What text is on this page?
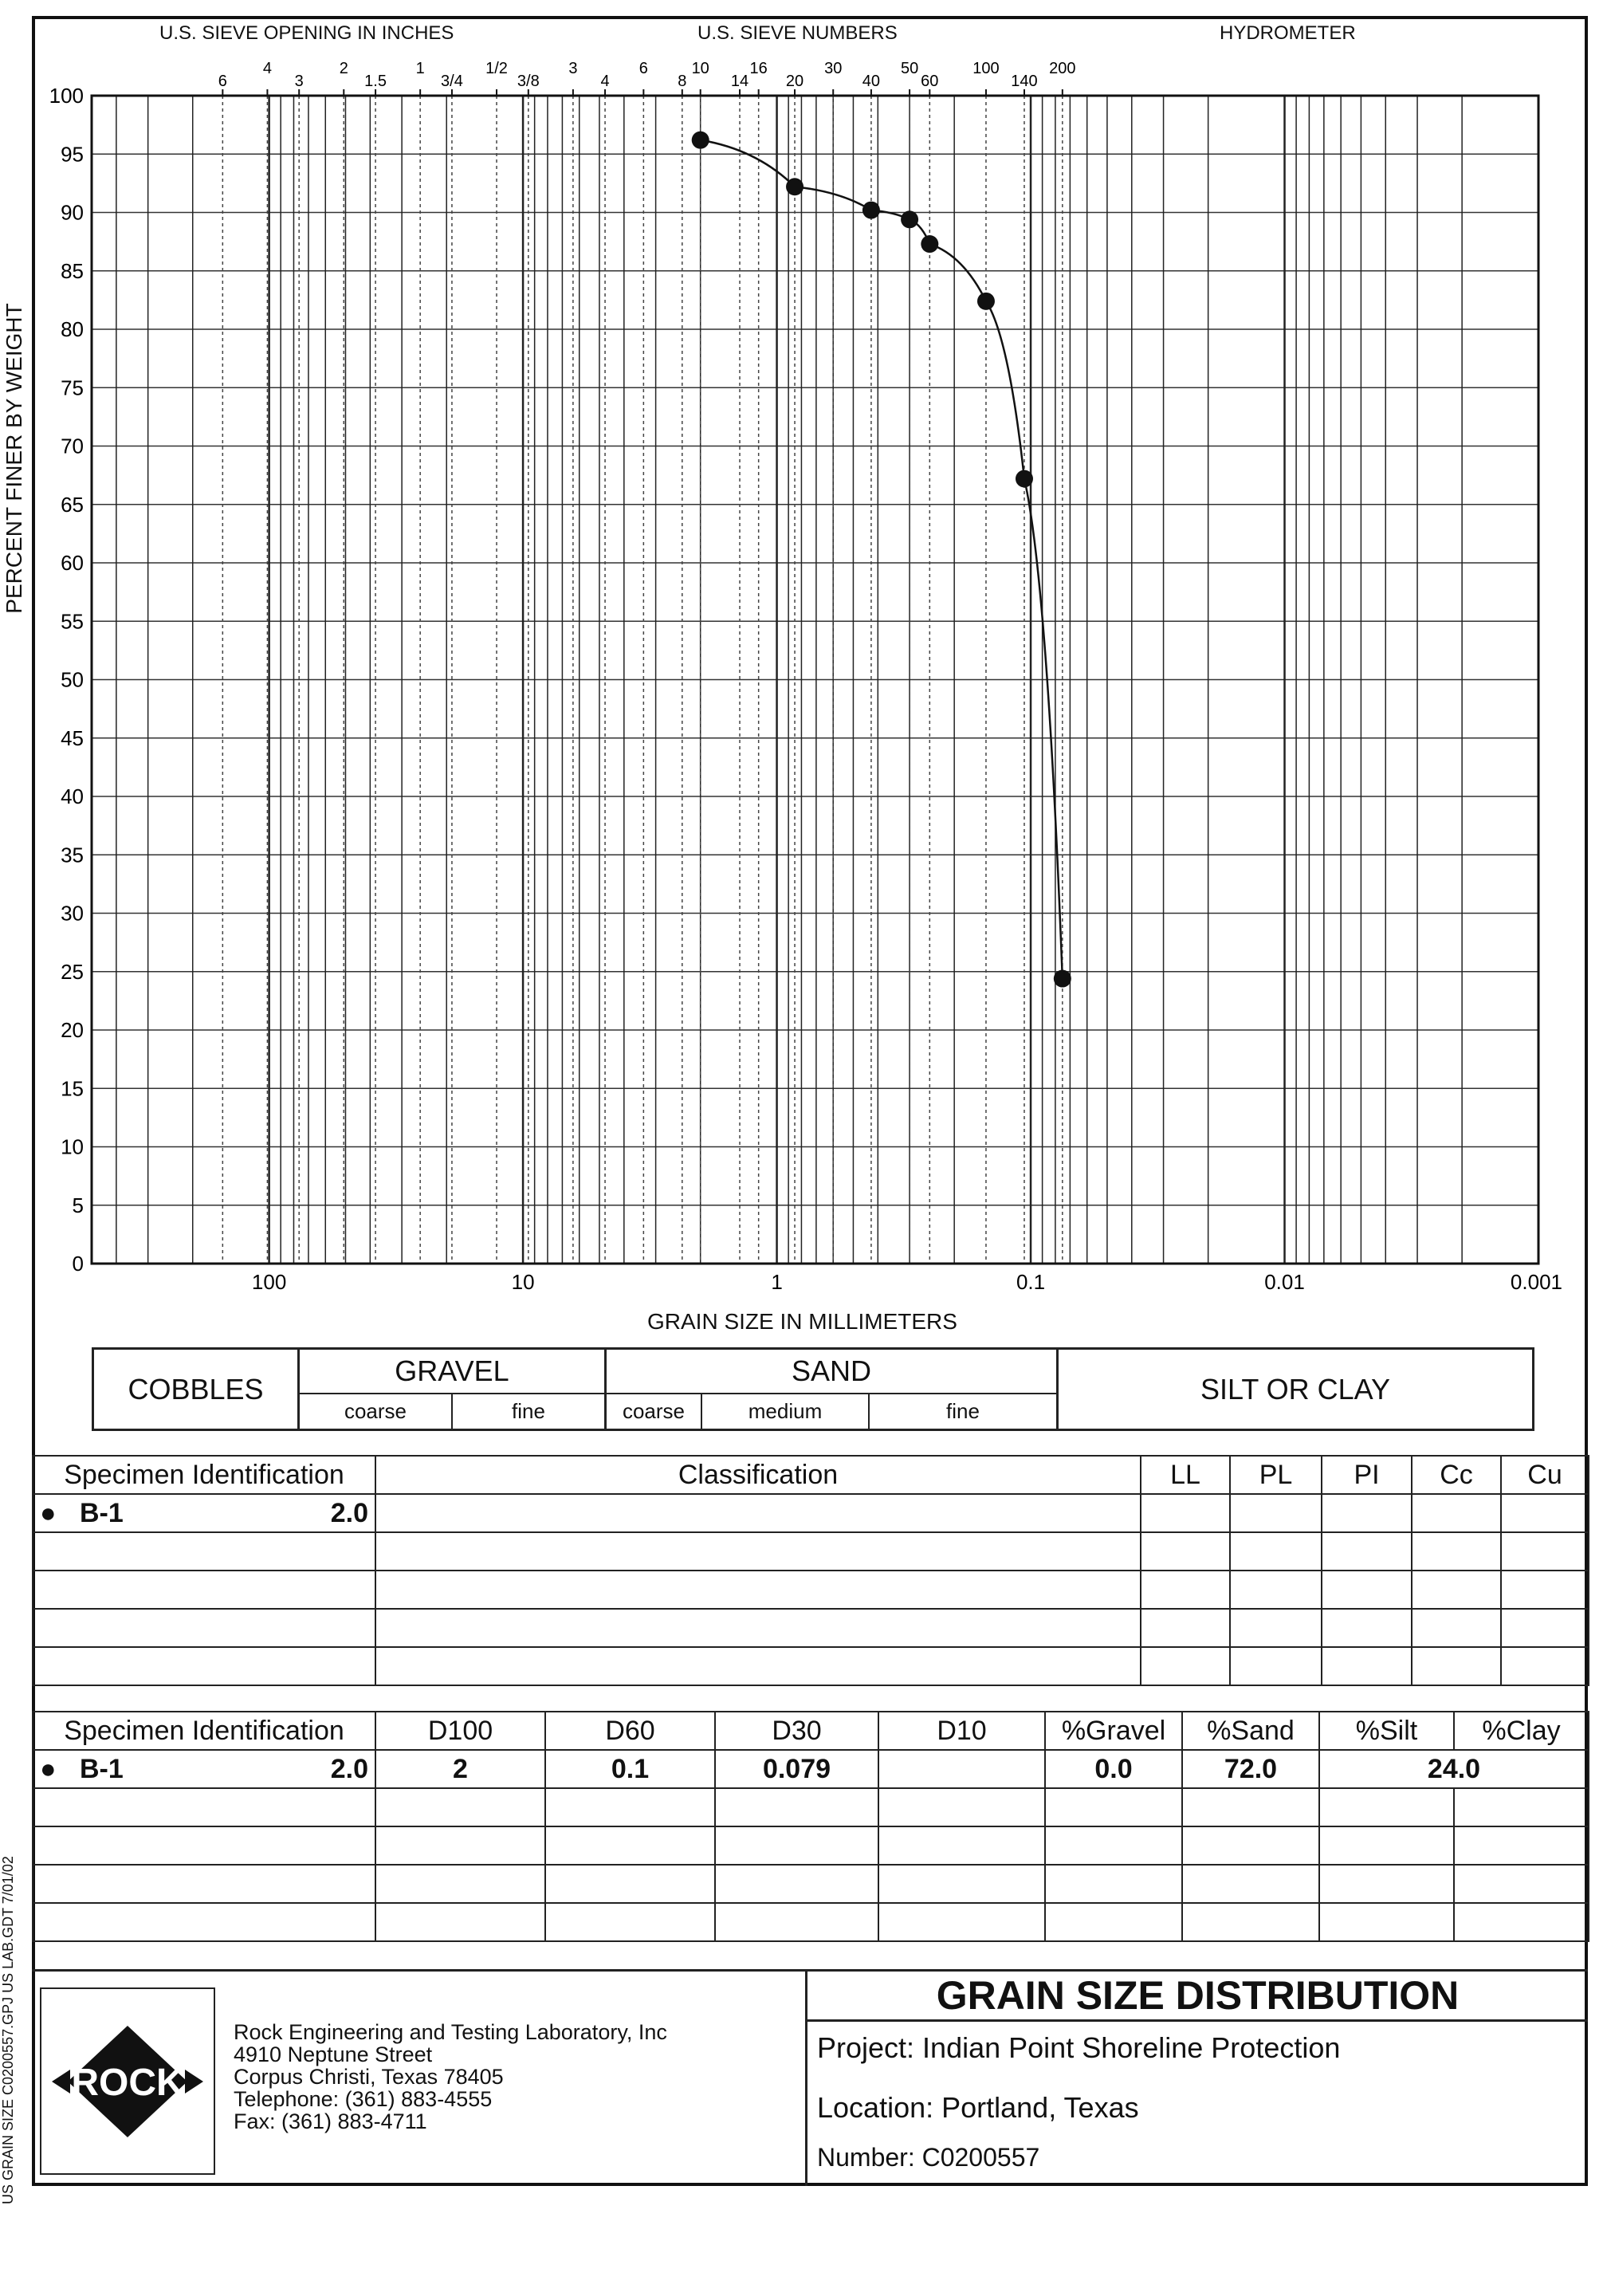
0
5
10
15
20
25
30
35
40
45
50
55
60
65
70
75
80
85
90
95
100
100	10	1	0.1	0.01	0.001
6
4
3
2
1.5
1
3/4
1/2
3/8
3
4
6
8
10
14
16
20
30
40
50
60
100
140
200
U.S. SIEVE OPENING IN INCHES	U.S. SIEVE NUMBERS	HYDROMETER
PERCENT FINER BY WEIGHT
GRAIN SIZE IN MILLIMETERS
COBBLES
GRAVEL
coarse	fine
SAND
coarse	medium	fine
SILT OR CLAY
Specimen Identification	Classification	LL	PL	PI	Cc	Cu
● B-1 2.0						

Specimen Identification	D100	D60	D30	D10	%Gravel	%Sand	%Silt	%Clay
● B-1 2.0	2	0.1	0.079		0.0	72.0	24.0	

ROCK
Rock Engineering and Testing Laboratory, Inc
4910 Neptune Street
Corpus Christi, Texas 78405
Telephone: (361) 883-4555
Fax: (361) 883-4711
GRAIN SIZE DISTRIBUTION
Project: Indian Point Shoreline Protection
Location: Portland, Texas
Number: C0200557
US GRAIN SIZE C0200557.GPJ US LAB.GDT 7/01/02
